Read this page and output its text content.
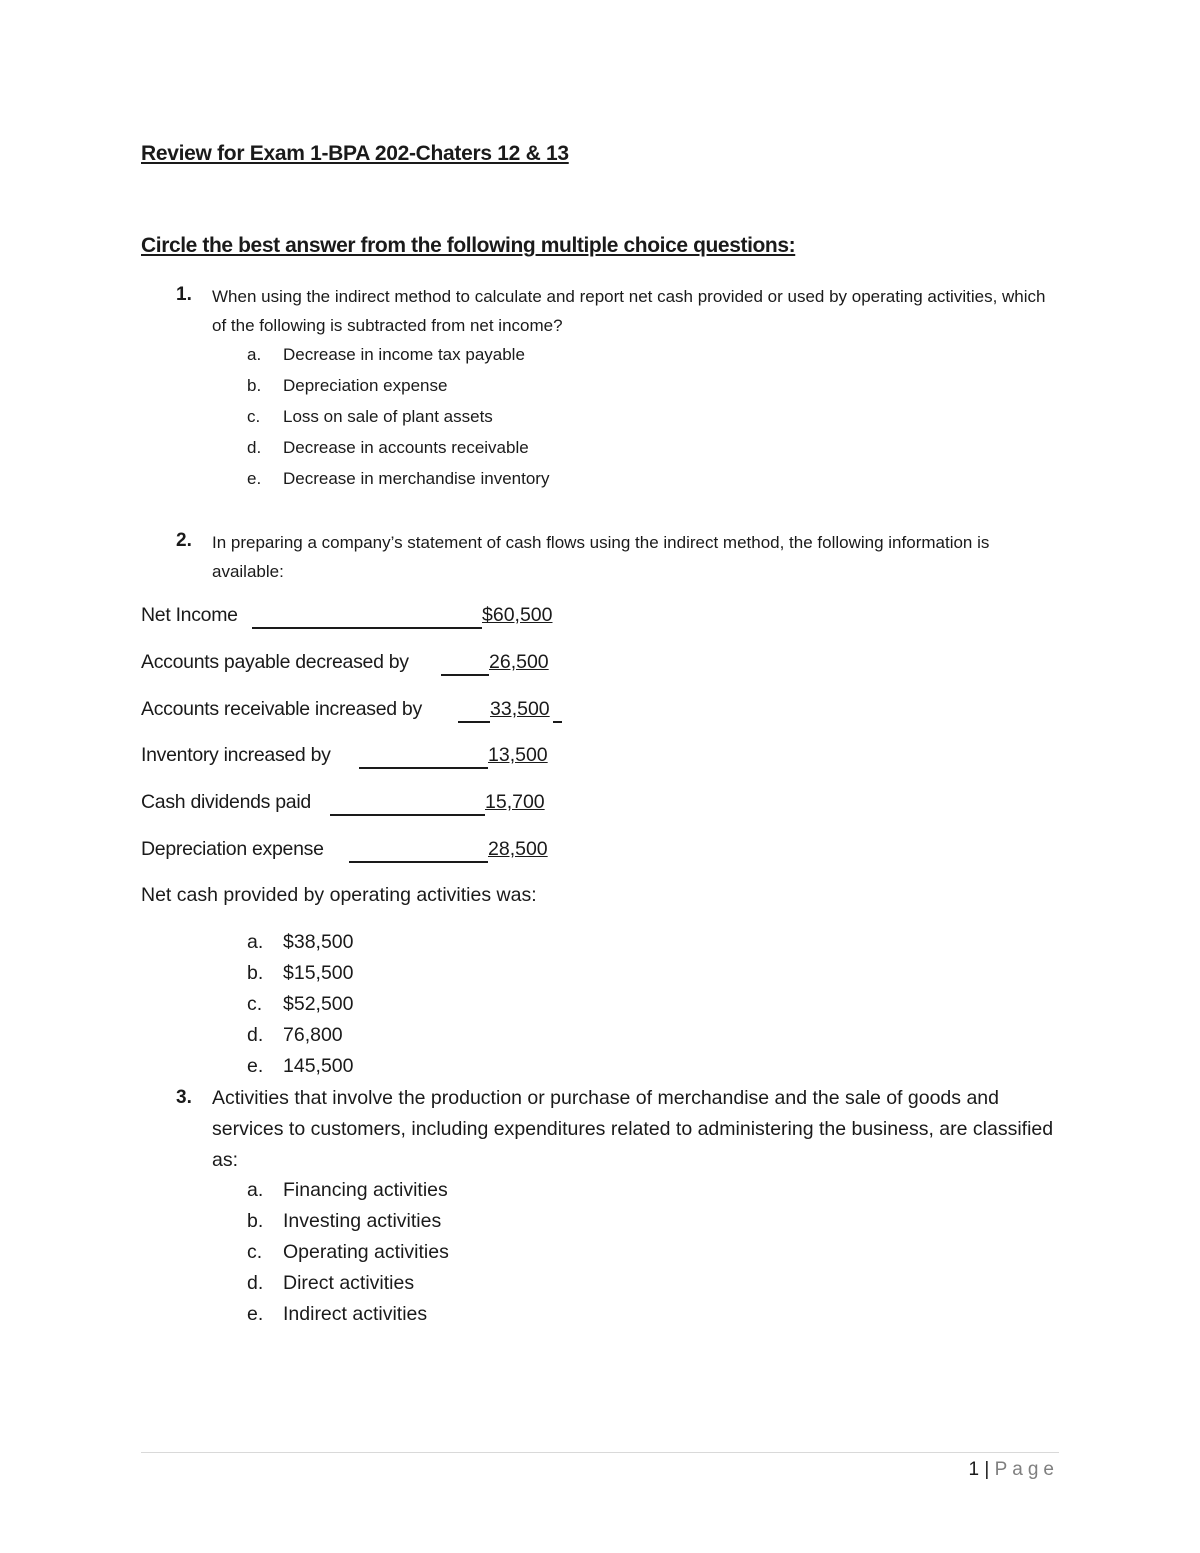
Review for Exam 1-BPA 202-Chaters 12 & 13
Circle the best answer from the following multiple choice questions:
1. When using the indirect method to calculate and report net cash provided or used by operating activities, which of the following is subtracted from net income?
a. Decrease in income tax payable
b. Depreciation expense
c. Loss on sale of plant assets
d. Decrease in accounts receivable
e. Decrease in merchandise inventory
2. In preparing a company’s statement of cash flows using the indirect method, the following information is available:
Net Income	$60,500
Accounts payable decreased by	26,500
Accounts receivable increased by	33,500
Inventory increased by	13,500
Cash dividends paid	15,700
Depreciation expense	28,500
Net cash provided by operating activities was:
a. $38,500
b. $15,500
c. $52,500
d. 76,800
e. 145,500
3. Activities that involve the production or purchase of merchandise and the sale of goods and services to customers, including expenditures related to administering the business, are classified as:
a. Financing activities
b. Investing activities
c. Operating activities
d. Direct activities
e. Indirect activities
1 | Page
